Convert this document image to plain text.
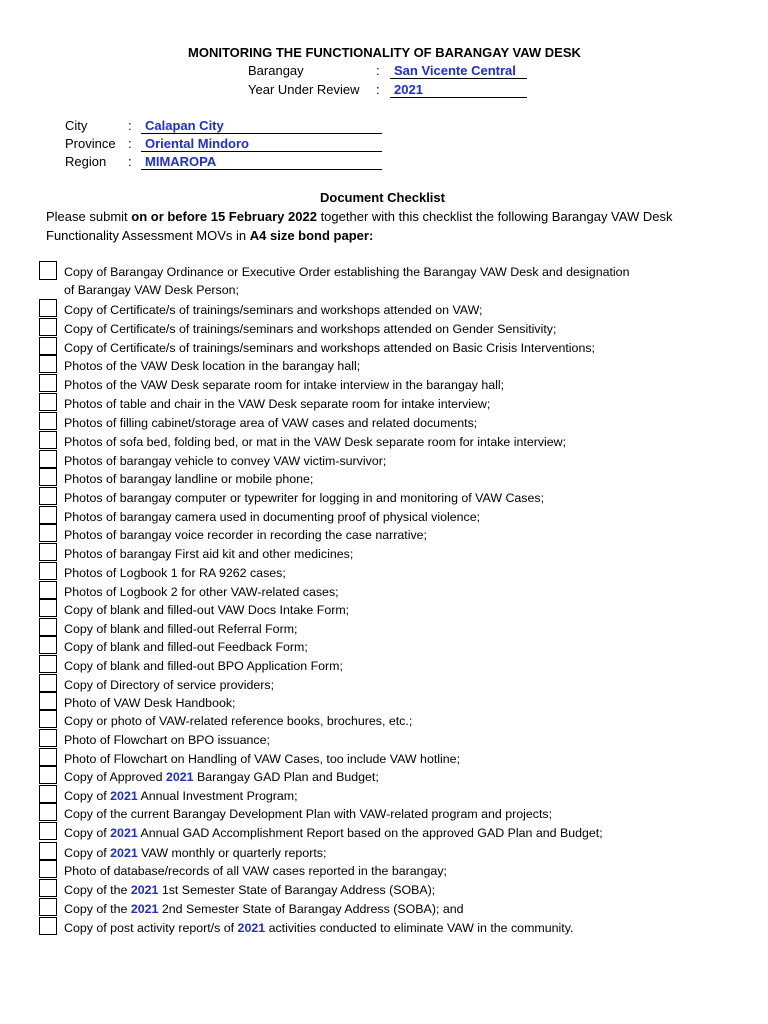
MONITORING THE FUNCTIONALITY OF BARANGAY VAW DESK
Barangay	:	San Vicente Central
Year Under Review :	2021
City	:	Calapan City
Province :	Oriental Mindoro
Region :	MIMAROPA
Document Checklist
Please submit on or before 15 February 2022 together with this checklist the following Barangay VAW Desk Functionality Assessment MOVs in A4 size bond paper:
Copy of Barangay Ordinance or Executive Order establishing the Barangay VAW Desk and designation
of Barangay VAW Desk Person;
Copy of Certificate/s of trainings/seminars and workshops attended on VAW;
Copy of Certificate/s of trainings/seminars and workshops attended on Gender Sensitivity;
Copy of Certificate/s of trainings/seminars and workshops attended on Basic Crisis Interventions;
Photos of the VAW Desk location in the barangay hall;
Photos of the VAW Desk separate room for intake interview in the barangay hall;
Photos of table and chair in the VAW Desk separate room for intake interview;
Photos of filling cabinet/storage area of VAW cases and related documents;
Photos of sofa bed, folding bed, or mat in the VAW Desk separate room for intake interview;
Photos of barangay vehicle to convey VAW victim-survivor;
Photos of barangay landline or mobile phone;
Photos of barangay computer or typewriter for logging in and monitoring of VAW Cases;
Photos of barangay camera used in documenting proof of physical violence;
Photos of barangay voice recorder in recording the case narrative;
Photos of barangay First aid kit and other medicines;
Photos of Logbook 1 for RA 9262 cases;
Photos of Logbook 2 for other VAW-related cases;
Copy of blank and filled-out VAW Docs Intake Form;
Copy of blank and filled-out Referral Form;
Copy of blank and filled-out Feedback Form;
Copy of blank and filled-out BPO Application Form;
Copy of Directory of service providers;
Photo of VAW Desk Handbook;
Copy or photo of VAW-related reference books, brochures, etc.;
Photo of Flowchart on BPO issuance;
Photo of Flowchart on Handling of VAW Cases, too include VAW hotline;
Copy of Approved 2021 Barangay GAD Plan and Budget;
Copy of 2021 Annual Investment Program;
Copy of the current Barangay Development Plan with VAW-related program and projects;
Copy of 2021 Annual GAD Accomplishment Report based on the approved GAD Plan and Budget;
Copy of 2021 VAW monthly or quarterly reports;
Photo of database/records of all VAW cases reported in the barangay;
Copy of the 2021 1st Semester State of Barangay Address (SOBA);
Copy of the 2021 2nd Semester State of Barangay Address (SOBA); and
Copy of post activity report/s of 2021 activities conducted to eliminate VAW in the community.
